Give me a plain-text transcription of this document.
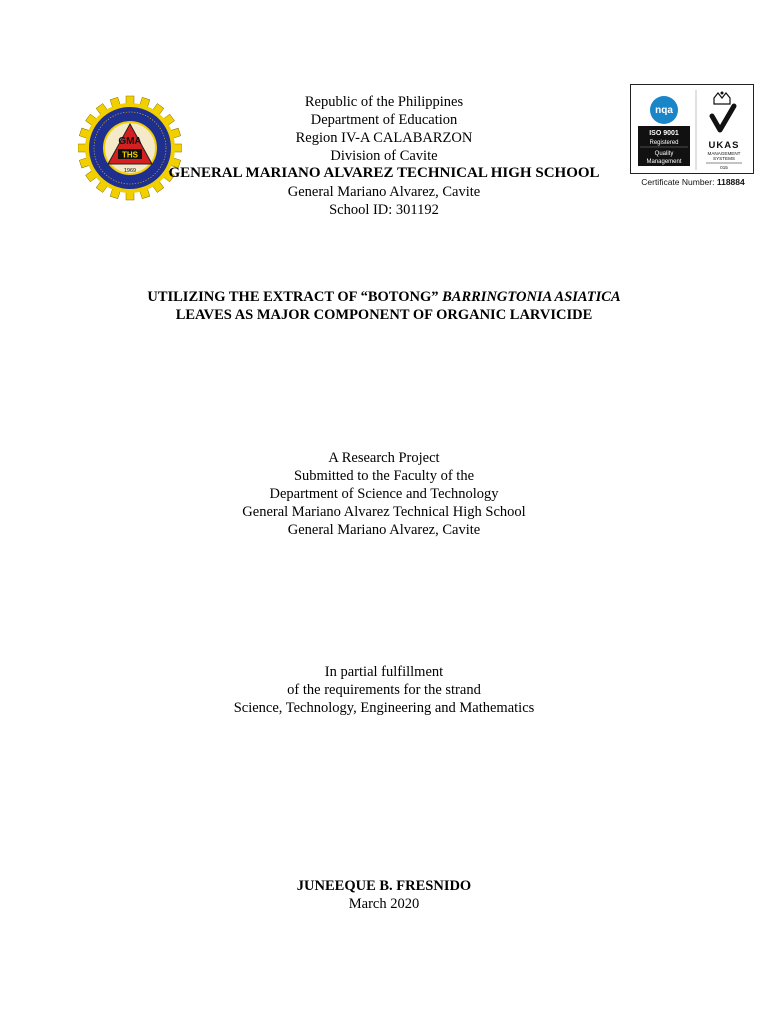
GMA
THS
1969
Republic of the Philippines
Department of Education
Region IV-A CALABARZON
Division of Cavite
GENERAL MARIANO ALVAREZ TECHNICAL HIGH SCHOOL
General Mariano Alvarez, Cavite
School ID: 301192
nqa
ISO 9001
Registered
Quality
Management
UKAS
MANAGEMENT
SYSTEMS
015
Certificate Number: 118884
UTILIZING THE EXTRACT OF “BOTONG” BARRINGTONIA ASIATICA
LEAVES AS MAJOR COMPONENT OF ORGANIC LARVICIDE
A Research Project
Submitted to the Faculty of the
Department of Science and Technology
General Mariano Alvarez Technical High School
General Mariano Alvarez, Cavite
In partial fulfillment
of the requirements for the strand
Science, Technology, Engineering and Mathematics
JUNEEQUE B. FRESNIDO
March 2020
